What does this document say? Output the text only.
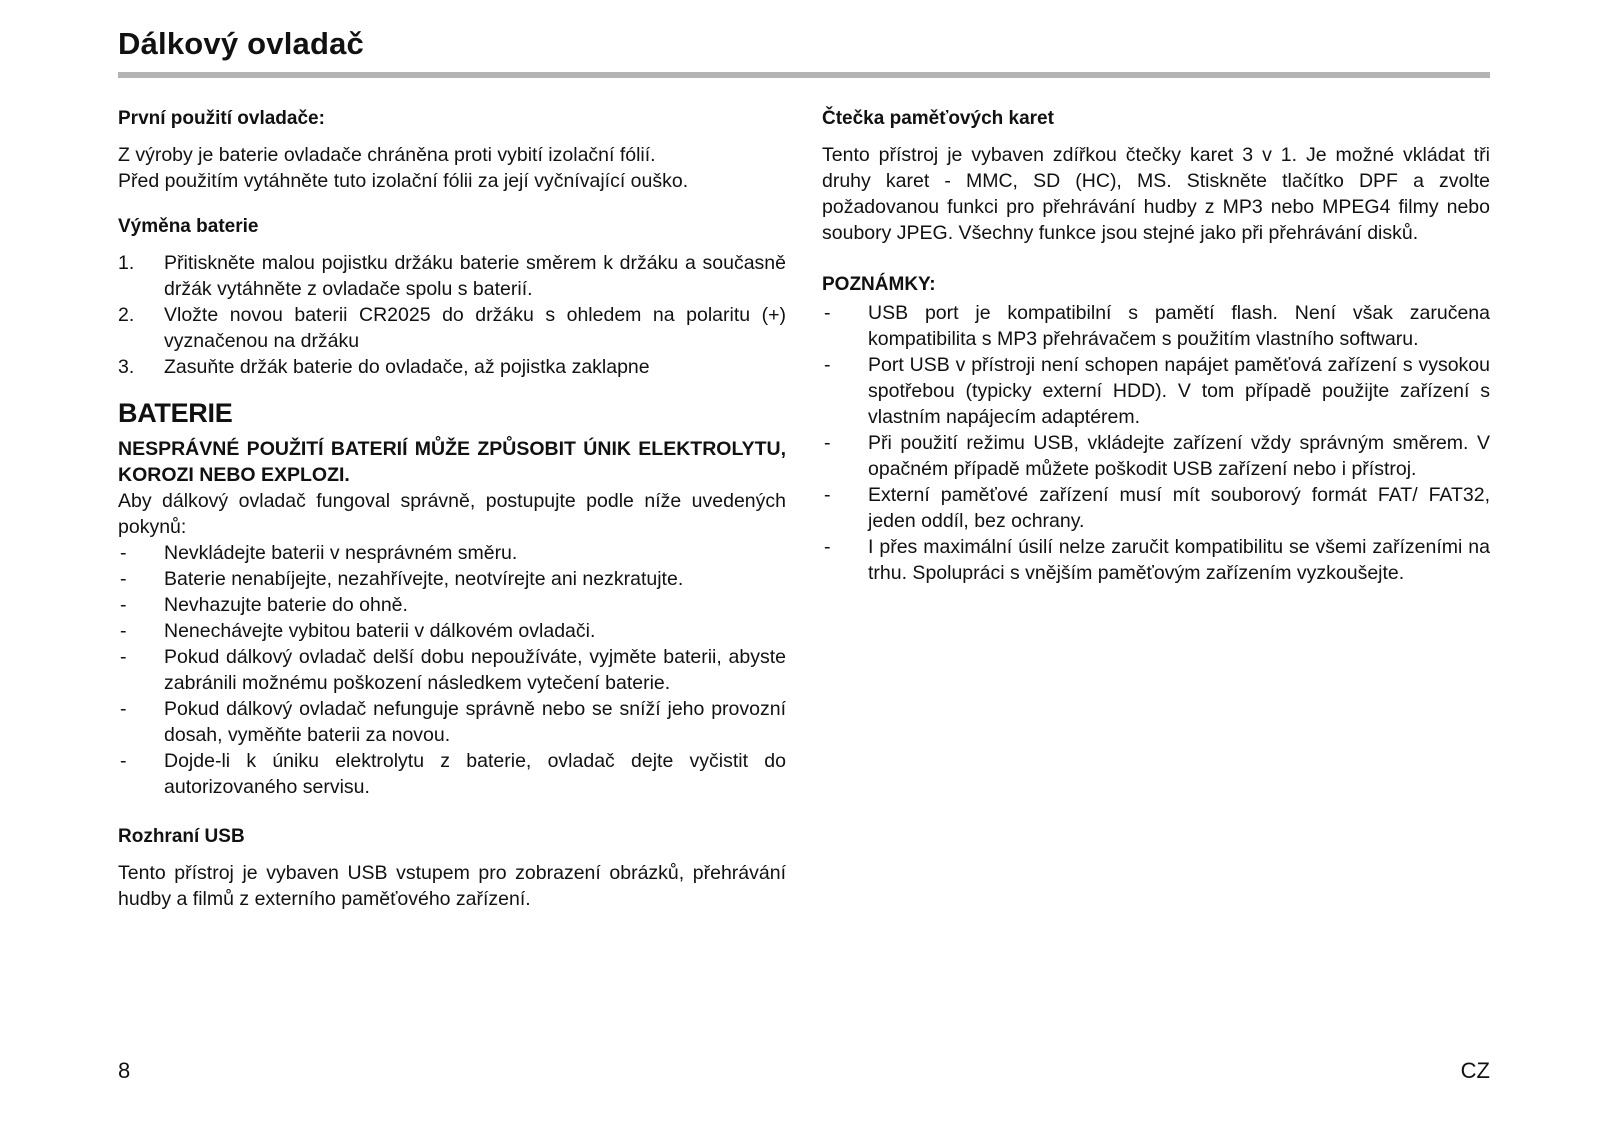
Dálkový ovladač
První použití ovladače:

Z výroby je baterie ovladače chráněna proti vybití izolační fólií.

Před použitím vytáhněte tuto izolační fólii za její vyčnívající ouško.

Výměna baterie
1. Přitiskněte malou pojistku držáku baterie směrem k držáku a současně držák vytáhněte z ovladače spolu s baterií.
2. Vložte novou baterii CR2025 do držáku s ohledem na polaritu (+) vyznačenou na držáku
3. Zasuňte držák baterie do ovladače, až pojistka zaklapne
BATERIE

NESPRÁVNÉ POUŽITÍ BATERIÍ MŮŽE ZPŮSOBIT ÚNIK ELEKTROLYTU, KOROZI NEBO EXPLOZI.

Aby dálkový ovladač fungoval správně, postupujte podle níže uvedených pokynů:

- Nevkládejte baterii v nesprávném směru.
- Baterie nenabíjejte, nezahřívejte, neotvírejte ani nezkratujte.
- Nevhazujte baterie do ohně.
- Nenechávejte vybitou baterii v dálkovém ovladači.
- Pokud dálkový ovladač delší dobu nepoužíváte, vyjměte baterii, abyste zabránili možnému poškození následkem vytečení baterie.
- Pokud dálkový ovladač nefunguje správně nebo se sníží jeho provozní dosah, vyměňte baterii za novou.
- Dojde-li k úniku elektrolytu z baterie, ovladač dejte vyčistit do autorizovaného servisu.
Rozhraní USB

Tento přístroj je vybaven USB vstupem pro zobrazení obrázků, přehrávání hudby a filmů z externího paměťového zařízení.

Čtečka paměťových karet

Tento přístroj je vybaven zdířkou čtečky karet 3 v 1. Je možné vkládat tři druhy karet - MMC, SD (HC), MS. Stiskněte tlačítko DPF a zvolte požadovanou funkci pro přehrávání hudby z MP3 nebo MPEG4 filmy nebo soubory JPEG. Všechny funkce jsou stejné jako při přehrávání disků.

POZNÁMKY:
- USB port je kompatibilní s pamětí flash. Není však zaručena kompatibilita s MP3 přehrávačem s použitím vlastního softwaru.
- Port USB v přístroji není schopen napájet paměťová zařízení s vysokou spotřebou (typicky externí HDD). V tom případě použijte zařízení s vlastním napájecím adaptérem.
- Při použití režimu USB, vkládejte zařízení vždy správným směrem. V opačném případě můžete poškodit USB zařízení nebo i přístroj.
- Externí paměťové zařízení musí mít souborový formát FAT/ FAT32, jeden oddíl, bez ochrany.
- I přes maximální úsilí nelze zaručit kompatibilitu se všemi zařízeními na trhu. Spolupráci s vnějším paměťovým zařízením vyzkoušejte.
8	CZ
